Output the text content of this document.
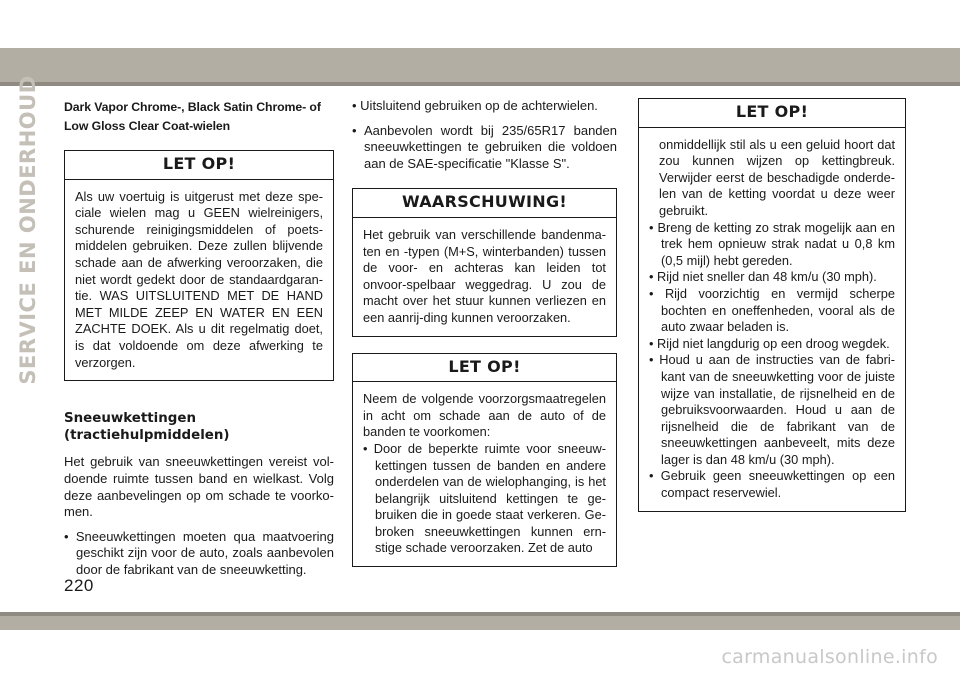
SERVICE EN ONDERHOUD Dark Vapor Chrome-, Black Satin Chrome- of
Low Gloss Clear Coat-wielen
LET OP!

Als uw voertuig is uitgerust met deze spe-ciale wielen mag u GEEN wielreinigers, schurende reinigingsmiddelen of poets-middelen gebruiken. Deze zullen blijvende schade aan de afwerking veroorzaken, die niet wordt gedekt door de standaardgaran-tie. WAS UITSLUITEND MET DE HAND MET MILDE ZEEP EN WATER EN EEN ZACHTE DOEK. Als u dit regelmatig doet, is dat voldoende om deze afwerking te verzorgen.

Sneeuwkettingen (tractiehulpmiddelen)

Het gebruik van sneeuwkettingen vereist vol-doende ruimte tussen band en wielkast. Volg deze aanbevelingen op om schade te voorko-men.

• Sneeuwkettingen moeten qua maatvoering geschikt zijn voor de auto, zoals aanbevolen door de fabrikant van de sneeuwketting.

• Uitsluitend gebruiken op de achterwielen.

• Aanbevolen wordt bij 235/65R17 banden sneeuwkettingen te gebruiken die voldoen aan de SAE-specificatie "Klasse S".

WAARSCHUWING!

Het gebruik van verschillende bandenma-ten en -typen (M+S, winterbanden) tussen de voor- en achteras kan leiden tot onvoor-spelbaar weggedrag. U zou de macht over het stuur kunnen verliezen en een aanrij-ding kunnen veroorzaken.

LET OP!

Neem de volgende voorzorgsmaatregelen in acht om schade aan de auto of de banden te voorkomen:

• Door de beperkte ruimte voor sneeuw-kettingen tussen de banden en andere onderdelen van de wielophanging, is het belangrijk uitsluitend kettingen te ge-bruiken die in goede staat verkeren. Ge-broken sneeuwkettingen kunnen ern-stige schade veroorzaken. Zet de auto

LET OP!

onmiddellijk stil als u een geluid hoort dat zou kunnen wijzen op kettingbreuk. Verwijder eerst de beschadigde onderde-len van de ketting voordat u deze weer gebruikt.

• Breng de ketting zo strak mogelijk aan en trek hem opnieuw strak nadat u 0,8 km (0,5 mijl) hebt gereden.

• Rijd niet sneller dan 48 km/u (30 mph).

• Rijd voorzichtig en vermijd scherpe bochten en oneffenheden, vooral als de auto zwaar beladen is.

• Rijd niet langdurig op een droog wegdek.

• Houd u aan de instructies van de fabri-kant van de sneeuwketting voor de juiste wijze van installatie, de rijsnelheid en de gebruiksvoorwaarden. Houd u aan de rijsnelheid die de fabrikant van de sneeuwkettingen aanbeveelt, mits deze lager is dan 48 km/u (30 mph).

• Gebruik geen sneeuwkettingen op een compact reservewiel.

220
carmanualsonline.info
